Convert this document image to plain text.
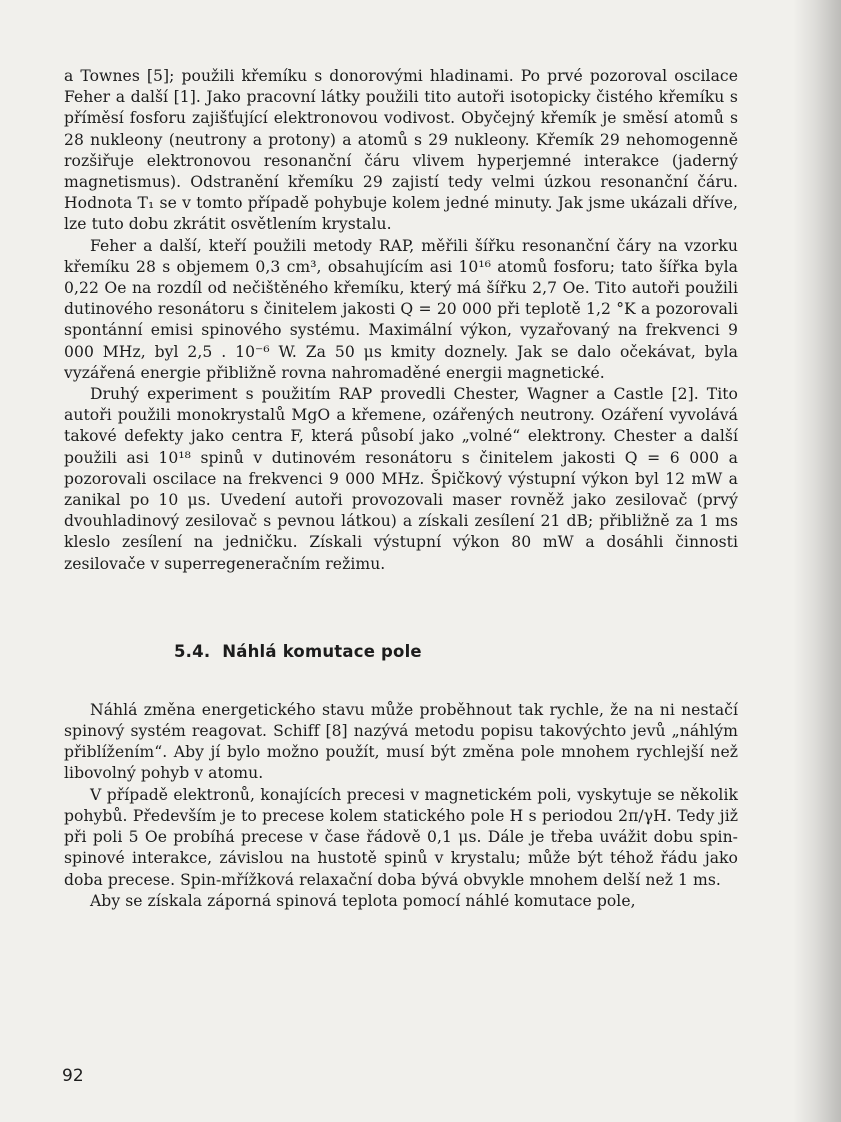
a Townes [5]; použili křemíku s donorovými hladinami. Po prvé pozoroval oscilace Feher a další [1]. Jako pracovní látky použili tito autoři isotopicky čistého křemíku s příměsí fosforu zajišťující elektronovou vodivost. Obyčejný křemík je směsí atomů s 28 nukleony (neutrony a protony) a atomů s 29 nukleony. Křemík 29 nehomogenně rozšiřuje elektronovou resonanční čáru vlivem hyperjemné interakce (jaderný magnetismus). Odstranění křemíku 29 zajistí tedy velmi úzkou resonanční čáru. Hodnota T₁ se v tomto případě pohybuje kolem jedné minuty. Jak jsme ukázali dříve, lze tuto dobu zkrátit osvětlením krystalu.

Feher a další, kteří použili metody RAP, měřili šířku resonanční čáry na vzorku křemíku 28 s objemem 0,3 cm³, obsahujícím asi 10¹⁶ atomů fosforu; tato šířka byla 0,22 Oe na rozdíl od nečištěného křemíku, který má šířku 2,7 Oe. Tito autoři použili dutinového resonátoru s činitelem jakosti Q = 20 000 při teplotě 1,2 °K a pozorovali spontánní emisi spinového systému. Maximální výkon, vyzařovaný na frekvenci 9 000 MHz, byl 2,5 . 10⁻⁶ W. Za 50 μs kmity doznely. Jak se dalo očekávat, byla vyzářená energie přibližně rovna nahromaděné energii magnetické.

Druhý experiment s použitím RAP provedli Chester, Wagner a Castle [2]. Tito autoři použili monokrystalů MgO a křemene, ozářených neutrony. Ozáření vyvolává takové defekty jako centra F, která působí jako „volné“ elektrony. Chester a další použili asi 10¹⁸ spinů v dutinovém resonátoru s činitelem jakosti Q = 6 000 a pozorovali oscilace na frekvenci 9 000 MHz. Špičkový výstupní výkon byl 12 mW a zanikal po 10 μs. Uvedení autoři provozovali maser rovněž jako zesilovač (prvý dvouhladinový zesilovač s pevnou látkou) a získali zesílení 21 dB; přibližně za 1 ms kleslo zesílení na jedničku. Získali výstupní výkon 80 mW a dosáhli činnosti zesilovače v superregeneračním režimu.

5.4. Náhlá komutace pole

Náhlá změna energetického stavu může proběhnout tak rychle, že na ni nestačí spinový systém reagovat. Schiff [8] nazývá metodu popisu takovýchto jevů „náhlým přiblížením“. Aby jí bylo možno použít, musí být změna pole mnohem rychlejší než libovolný pohyb v atomu.

V případě elektronů, konajících precesi v magnetickém poli, vyskytuje se několik pohybů. Především je to precese kolem statického pole H s periodou 2π/γH. Tedy již při poli 5 Oe probíhá precese v čase řádově 0,1 μs. Dále je třeba uvážit dobu spin-spinové interakce, závislou na hustotě spinů v krystalu; může být téhož řádu jako doba precese. Spin-mřížková relaxační doba bývá obvykle mnohem delší než 1 ms.

Aby se získala záporná spinová teplota pomocí náhlé komutace pole,

92
